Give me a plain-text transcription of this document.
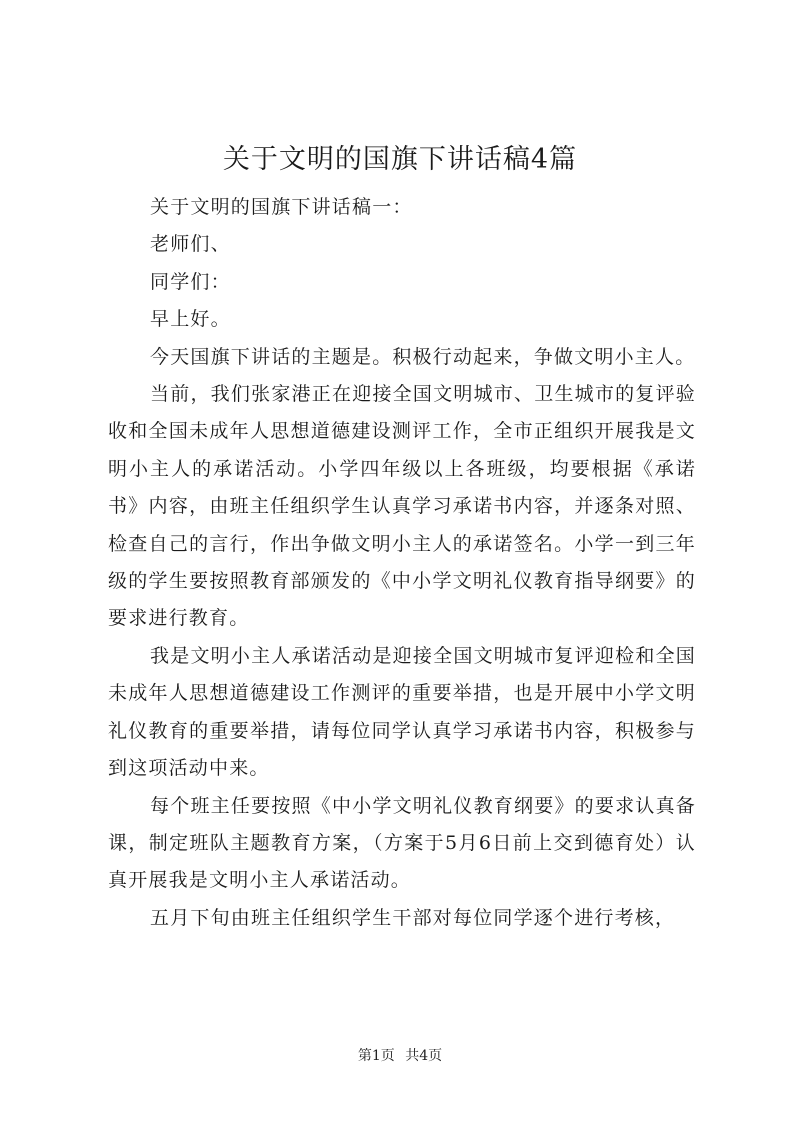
关于文明的国旗下讲话稿4篇

关于文明的国旗下讲话稿一：

老师们、

同学们：

早上好。

今天国旗下讲话的主题是。积极行动起来，争做文明小主人。

当前，我们张家港正在迎接全国文明城市、卫生城市的复评验收和全国未成年人思想道德建设测评工作，全市正组织开展我是文明小主人的承诺活动。小学四年级以上各班级，均要根据《承诺书》内容，由班主任组织学生认真学习承诺书内容，并逐条对照、检查自己的言行，作出争做文明小主人的承诺签名。小学一到三年级的学生要按照教育部颁发的《中小学文明礼仪教育指导纲要》的要求进行教育。

我是文明小主人承诺活动是迎接全国文明城市复评迎检和全国未成年人思想道德建设工作测评的重要举措，也是开展中小学文明礼仪教育的重要举措，请每位同学认真学习承诺书内容，积极参与到这项活动中来。

每个班主任要按照《中小学文明礼仪教育纲要》的要求认真备课，制定班队主题教育方案，（方案于5月6日前上交到德育处）认真开展我是文明小主人承诺活动。

五月下旬由班主任组织学生干部对每位同学逐个进行考核，

第1页 共4页
